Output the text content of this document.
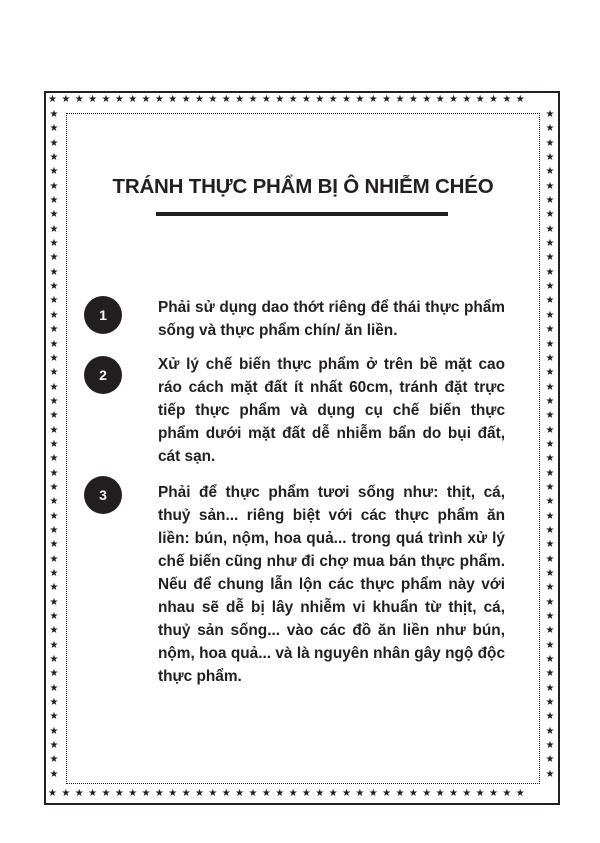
★★★★★★★★★★★★★★★★★★★★★★★★★★★★★★★★★★★★
★★★★★★★★★★★★★★★★★★★★★★★★★★★★★★★★★★★★
★
★
★
★
★
★
★
★
★
★
★
★
★
★
★
★
★
★
★
★
★
★
★
★
★
★
★
★
★
★
★
★
★
★
★
★
★
★
★
★
★
★
★
★
★
★
★
★
★
★
★
★
★
★
★
★
★
★
★
★
★
★
★
★
★
★
★
★
★
★
★
★
★
★
★
★
★
★
★
★
★
★
★
★
★
★
★
★
★
★
★
★
★
★
TRÁNH THỰC PHẨM BỊ Ô NHIỄM CHÉO
1	Phải sử dụng dao thớt riêng để thái thực phẩm sống và thực phẩm chín/ ăn liền.

2

Xử lý chế biến thực phẩm ở trên bề mặt cao ráo cách mặt đất ít nhất 60cm, tránh đặt trực tiếp thực phẩm và dụng cụ chế biến thực phẩm dưới mặt đất dễ nhiễm bẩn do bụi đất, cát sạn.

3	Phải để thực phẩm tươi sống như: thịt, cá, thuỷ sản... riêng biệt với các thực phẩm ăn liền: bún, nộm, hoa quả... trong quá trình xử lý chế biến cũng như đi chợ mua bán thực phẩm. Nếu để chung lẫn lộn các thực phẩm này với nhau sẽ dễ bị lây nhiễm vi khuẩn từ thịt, cá, thuỷ sản sống... vào các đồ ăn liền như bún, nộm, hoa quả... và là nguyên nhân gây ngộ độc thực phẩm.
